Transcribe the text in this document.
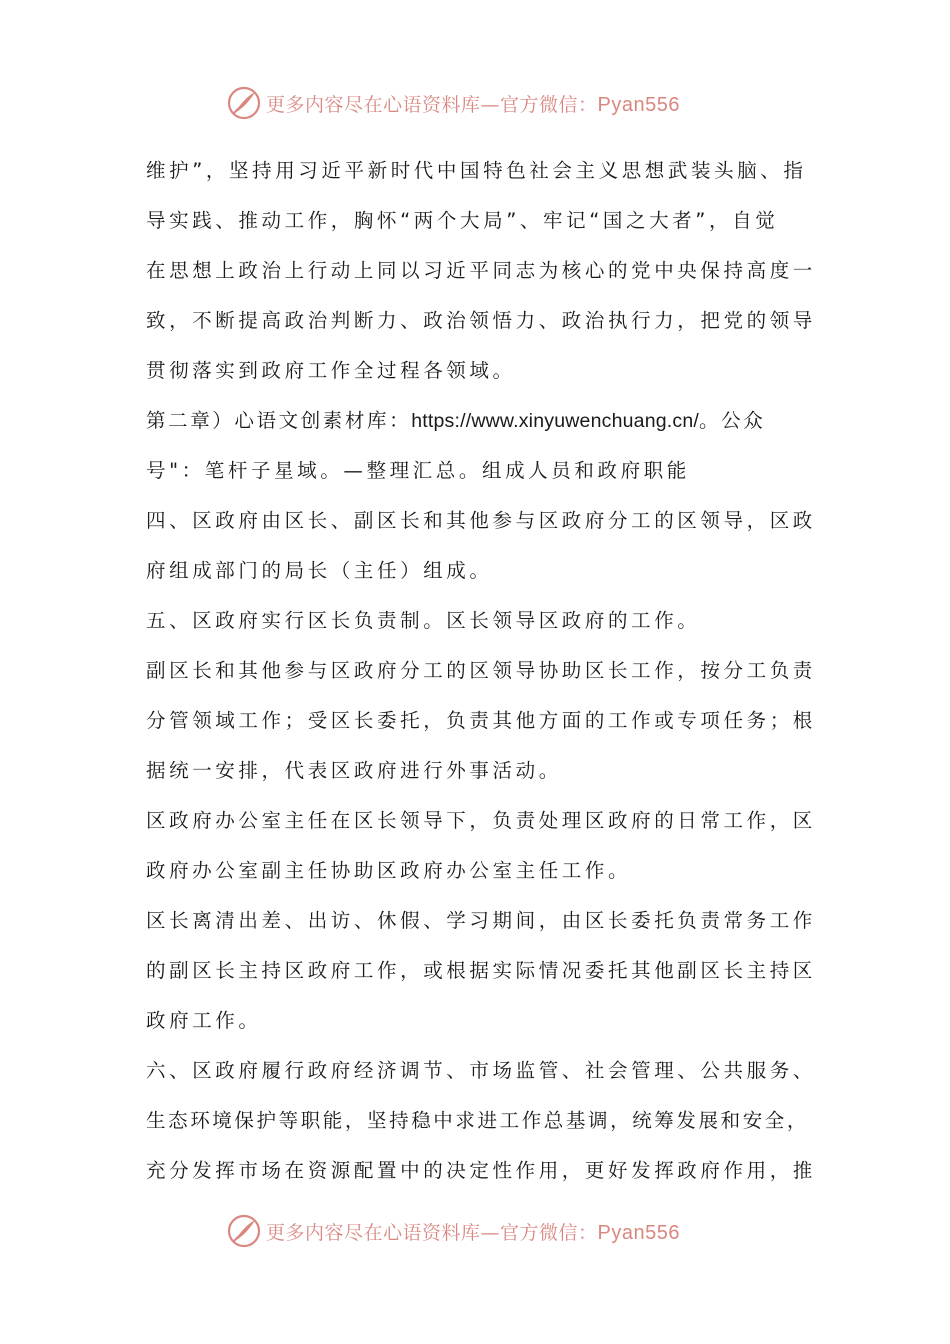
更多内容尽在心语资料库—官方微信：Pyan556
维护”，坚持用习近平新时代中国特色社会主义思想武装头脑、指
导实践、推动工作，胸怀“两个大局”、牢记“国之大者”，自觉
在思想上政治上行动上同以习近平同志为核心的党中央保持高度一
致，不断提高政治判断力、政治领悟力、政治执行力，把党的领导
贯彻落实到政府工作全过程各领域。
第二章）心语文创素材库：https://www.xinyuwenchuang.cn/。公众
号"：笔杆子星域。—整理汇总。组成人员和政府职能
四、区政府由区长、副区长和其他参与区政府分工的区领导，区政
府组成部门的局长（主任）组成。
五、区政府实行区长负责制。区长领导区政府的工作。
副区长和其他参与区政府分工的区领导协助区长工作，按分工负责
分管领域工作；受区长委托，负责其他方面的工作或专项任务；根
据统一安排，代表区政府进行外事活动。
区政府办公室主任在区长领导下，负责处理区政府的日常工作，区
政府办公室副主任协助区政府办公室主任工作。
区长离清出差、出访、休假、学习期间，由区长委托负责常务工作
的副区长主持区政府工作，或根据实际情况委托其他副区长主持区
政府工作。
六、区政府履行政府经济调节、市场监管、社会管理、公共服务、
生态环境保护等职能，坚持稳中求进工作总基调，统筹发展和安全，
充分发挥市场在资源配置中的决定性作用，更好发挥政府作用，推
更多内容尽在心语资料库—官方微信：Pyan556
